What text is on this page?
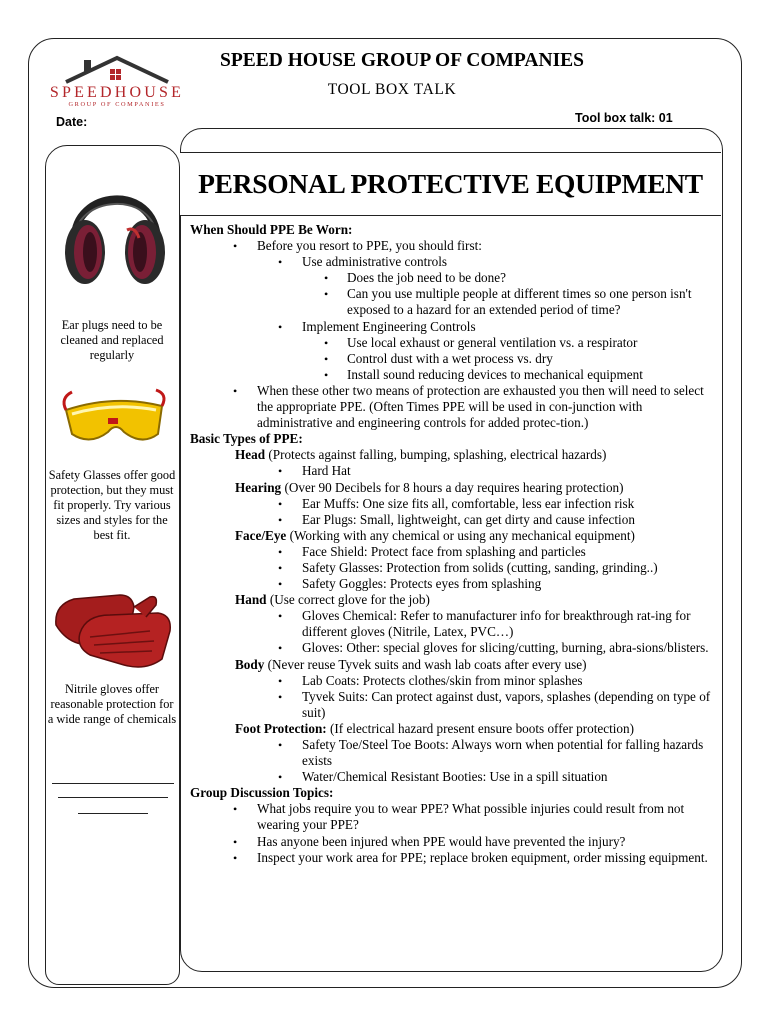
SPEEDHOUSE
GROUP OF COMPANIES
SPEED HOUSE GROUP OF COMPANIES
TOOL BOX TALK
Date:	Tool box talk: 01
PERSONAL PROTECTIVE EQUIPMENT
Ear plugs need to be cleaned and replaced regularly
Safety Glasses offer good protection, but they must fit properly. Try various sizes and styles for the best fit.
Nitrile gloves offer reasonable protection for a wide range of chemicals
When Should PPE Be Worn:
• Before you resort to PPE, you should first:
• Use administrative controls
• Does the job need to be done?
• Can you use multiple people at different times so one person isn't exposed to a hazard for an extended period of time?
• Implement Engineering Controls
• Use local exhaust or general ventilation vs. a respirator
• Control dust with a wet process vs. dry
• Install sound reducing devices to mechanical equipment
• When these other two means of protection are exhausted you then will need to select the appropriate PPE. (Often Times PPE will be used in con-junction with administrative and engineering controls for added protec-tion.)
Basic Types of PPE:
Head (Protects against falling, bumping, splashing, electrical hazards)
• Hard Hat
Hearing (Over 90 Decibels for 8 hours a day requires hearing protection)
• Ear Muffs: One size fits all, comfortable, less ear infection risk
• Ear Plugs: Small, lightweight, can get dirty and cause infection
Face/Eye (Working with any chemical or using any mechanical equipment)
• Face Shield: Protect face from splashing and particles
• Safety Glasses: Protection from solids (cutting, sanding, grinding..)
• Safety Goggles: Protects eyes from splashing
Hand (Use correct glove for the job)
• Gloves Chemical: Refer to manufacturer info for breakthrough rat-ing for different gloves (Nitrile, Latex, PVC…)
• Gloves: Other: special gloves for slicing/cutting, burning, abra-sions/blisters.
Body (Never reuse Tyvek suits and wash lab coats after every use)
• Lab Coats: Protects clothes/skin from minor splashes
• Tyvek Suits: Can protect against dust, vapors, splashes (depending on type of suit)
Foot Protection: (If electrical hazard present ensure boots offer protection)
• Safety Toe/Steel Toe Boots: Always worn when potential for falling hazards exists
• Water/Chemical Resistant Booties: Use in a spill situation
Group Discussion Topics:
• What jobs require you to wear PPE? What possible injuries could result from not wearing your PPE?
• Has anyone been injured when PPE would have prevented the injury?
• Inspect your work area for PPE; replace broken equipment, order missing equipment.
